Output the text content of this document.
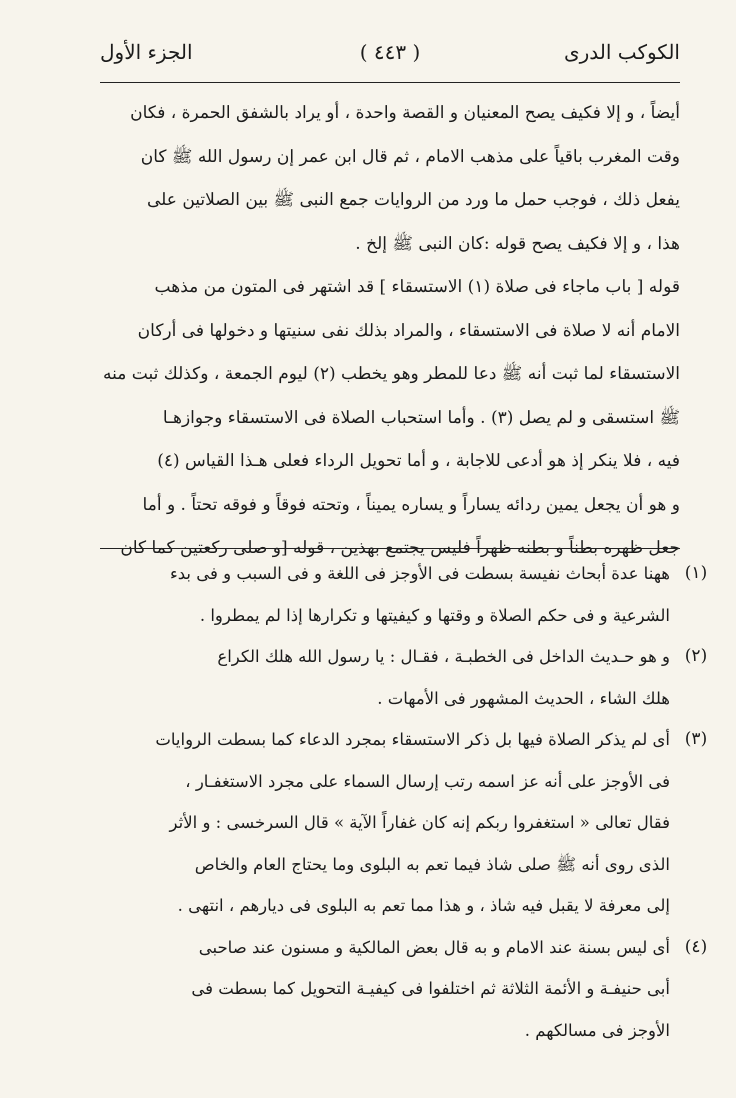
الكوكب الدرى
( ٤٤٣ )
الجزء الأول
أيضاً ، و إلا فكيف يصح المعنيان و القصة واحدة ، أو يراد بالشفق الحمرة ، فكان
وقت المغرب باقياً على مذهب الامام ، ثم قال ابن عمر إن رسول الله ﷺ كان
يفعل ذلك ، فوجب حمل ما ورد من الروايات جمع النبى ﷺ بين الصلاتين على
هذا ، و إلا فكيف يصح قوله :كان النبى ﷺ إلخ .
قوله [ باب ماجاء فى صلاة (١) الاستسقاء ] قد اشتهر فى المتون من مذهب
الامام أنه لا صلاة فى الاستسقاء ، والمراد بذلك نفى سنيتها و دخولها فى أركان
الاستسقاء لما ثبت أنه ﷺ دعا للمطر وهو يخطب (٢) ليوم الجمعة ، وكذلك ثبت منه
ﷺ استسقى و لم يصل (٣) . وأما استحباب الصلاة فى الاستسقاء وجوازهـا
فيه ، فلا ينكر إذ هو أدعى للاجابة ، و أما تحويل الرداء فعلى هـذا القياس (٤)
و هو أن يجعل يمين ردائه يساراً و يساره يميناً ، وتحته فوقاً و فوقه تحتاً . و أما
جعل ظهره بطناً و بطنه ظهراً فليس يجتمع بهذين ، قوله [و صلى ركعتين كما كان
(١)
ههنا عدة أبحاث نفيسة بسطت فى الأوجز فى اللغة و فى السبب و فى بدء
الشرعية و فى حكم الصلاة و وقتها و كيفيتها و تكرارها إذا لم يمطروا .
(٢)
و هو حـديث الداخل فى الخطبـة ، فقـال : يا رسول الله هلك الكراع
هلك الشاء ، الحديث المشهور فى الأمهات .
(٣)
أى لم يذكر الصلاة فيها بل ذكر الاستسقاء بمجرد الدعاء كما بسطت الروايات
فى الأوجز على أنه عز اسمه رتب إرسال السماء على مجرد الاستغفـار ،
فقال تعالى « استغفروا ربكم إنه كان غفاراً الآية » قال السرخسى : و الأثر
الذى روى أنه ﷺ صلى شاذ فيما تعم به البلوى وما يحتاج العام والخاص
إلى معرفة لا يقبل فيه شاذ ، و هذا مما تعم به البلوى فى ديارهم ، انتهى .
(٤)
أى ليس بسنة عند الامام و به قال بعض المالكية و مسنون عند صاحبى
أبى حنيفـة و الأئمة الثلاثة ثم اختلفوا فى كيفيـة التحويل كما بسطت فى
الأوجز فى مسالكهم .
